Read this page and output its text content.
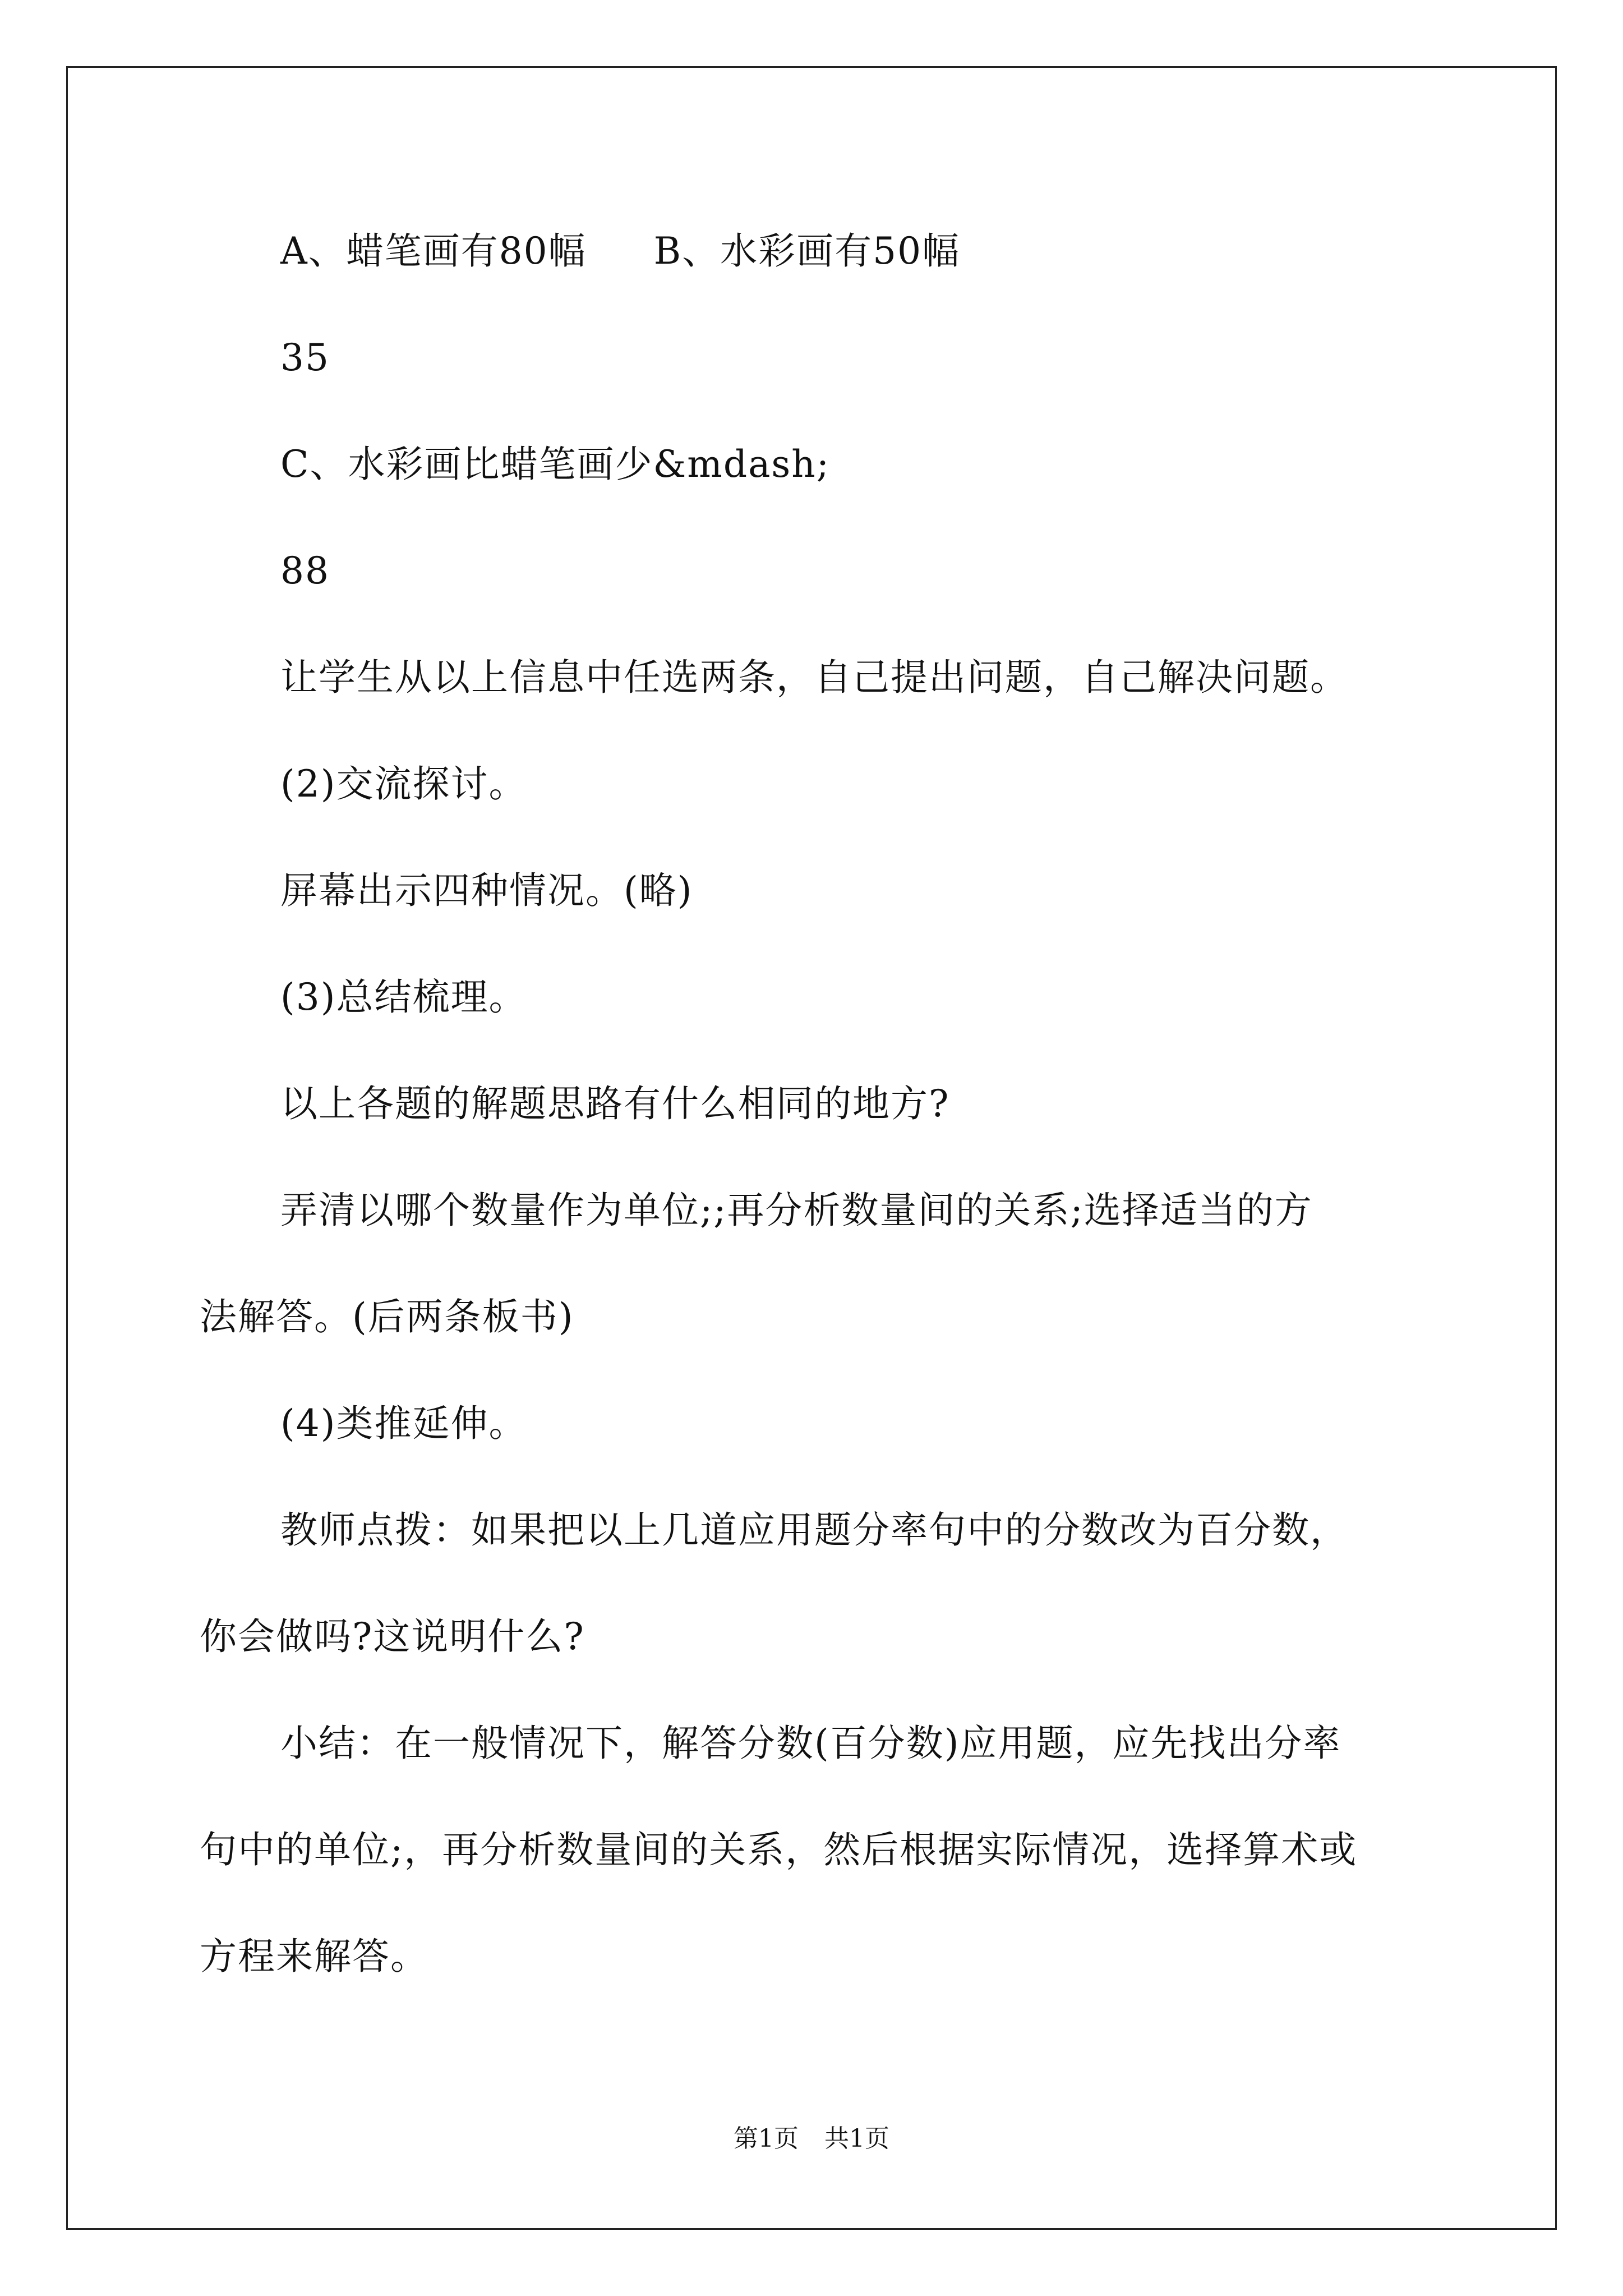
A、蜡笔画有80幅 B、水彩画有50幅
35
C、水彩画比蜡笔画少&mdash;
88
让学生从以上信息中任选两条，自己提出问题，自己解决问题。
(2)交流探讨。
屏幕出示四种情况。(略)
(3)总结梳理。
以上各题的解题思路有什么相同的地方?
弄清以哪个数量作为单位;;再分析数量间的关系;选择适当的方
法解答。(后两条板书)
(4)类推延伸。
教师点拨：如果把以上几道应用题分率句中的分数改为百分数，
你会做吗?这说明什么?
小结：在一般情况下，解答分数(百分数)应用题，应先找出分率
句中的单位;，再分析数量间的关系，然后根据实际情况，选择算术或
方程来解答。
第1页 共1页
